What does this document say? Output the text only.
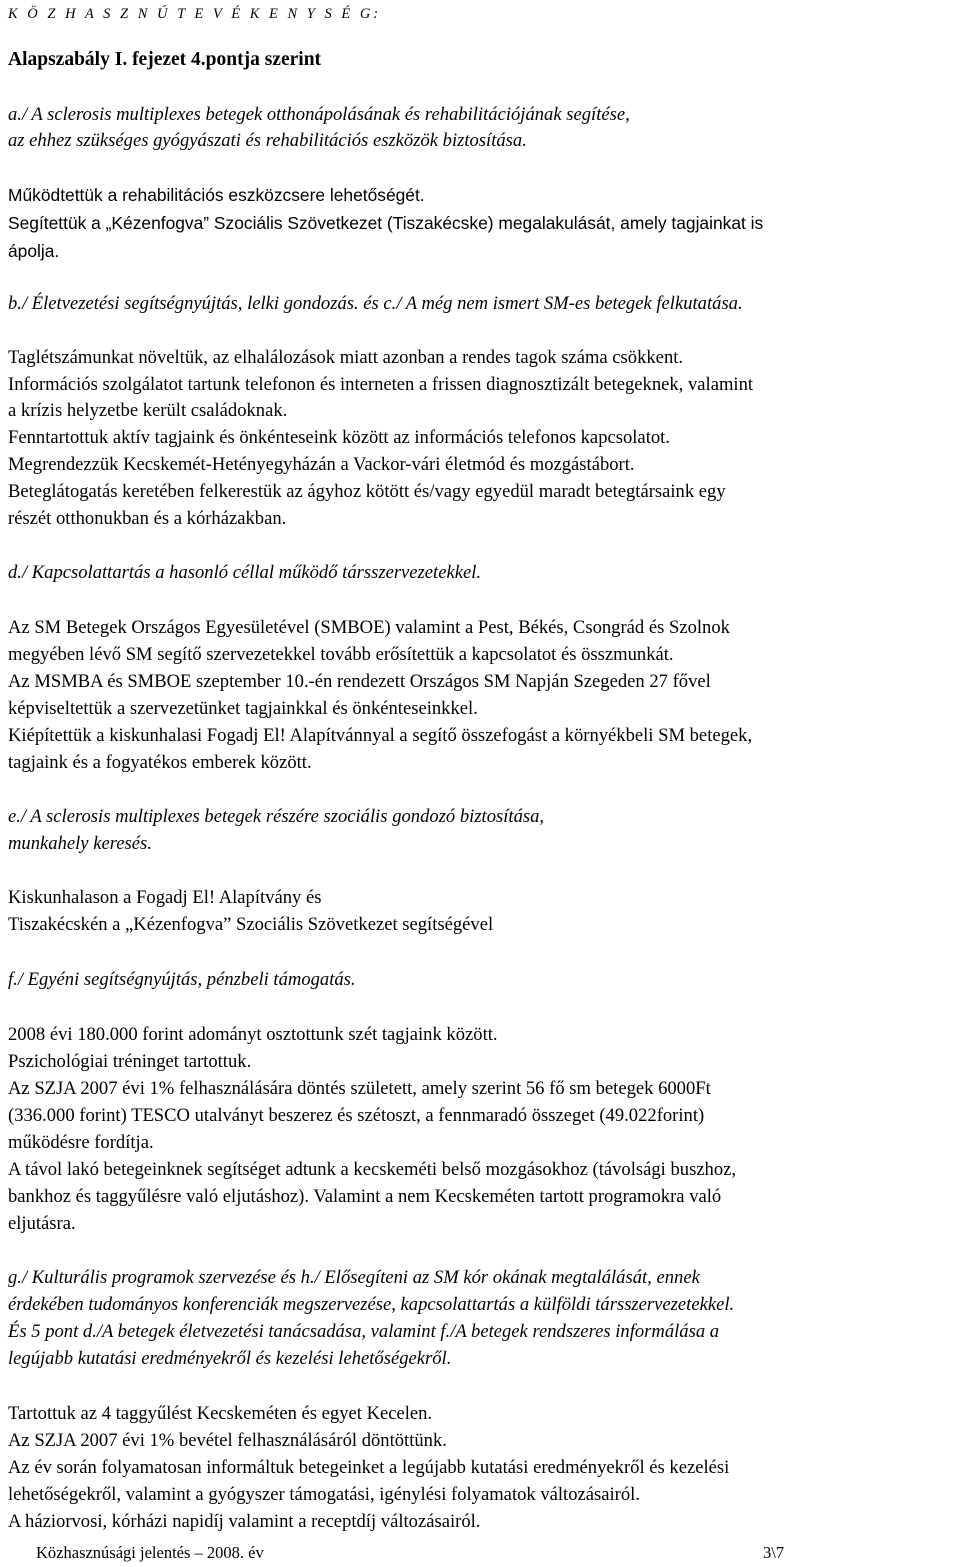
K Ö Z H A S Z N Ú T E V É K E N Y S É G:
Alapszabály I. fejezet 4.pontja szerint
a./ A sclerosis multiplexes betegek otthonápolásának és rehabilitációjának segítése,
az ehhez szükséges gyógyászati és rehabilitációs eszközök biztosítása.
Működtettük a rehabilitációs eszközcsere lehetőségét.
Segítettük a „Kézenfogva” Szociális Szövetkezet (Tiszakécske) megalakulását, amely tagjainkat is
ápolja.
b./ Életvezetési segítségnyújtás, lelki gondozás. és c./ A még nem ismert SM-es betegek felkutatása.
Taglétszámunkat növeltük, az elhalálozások miatt azonban a rendes tagok száma csökkent.
Információs szolgálatot tartunk telefonon és interneten a frissen diagnosztizált betegeknek, valamint
a krízis helyzetbe került családoknak.
Fenntartottuk aktív tagjaink és önkénteseink között az információs telefonos kapcsolatot.
Megrendezzük Kecskemét-Hetényegyházán a Vackor-vári életmód és mozgástábort.
Beteglátogatás keretében felkerestük az ágyhoz kötött és/vagy egyedül maradt betegtársaink egy
részét otthonukban és a kórházakban.
d./ Kapcsolattartás a hasonló céllal működő társszervezetekkel.
Az SM Betegek Országos Egyesületével (SMBOE) valamint a Pest, Békés, Csongrád és Szolnok
megyében lévő SM segítő szervezetekkel tovább erősítettük a kapcsolatot és összmunkát.
Az MSMBA és SMBOE szeptember 10.-én rendezett Országos SM Napján Szegeden 27 fővel
képviseltettük a szervezetünket tagjainkkal és önkénteseinkkel.
Kiépítettük a kiskunhalasi Fogadj El! Alapítvánnyal a segítő összefogást a környékbeli SM betegek,
tagjaink és a fogyatékos emberek között.
e./ A sclerosis multiplexes betegek részére szociális gondozó biztosítása,
munkahely keresés.
Kiskunhalason a Fogadj El! Alapítvány és
Tiszakécskén a „Kézenfogva” Szociális Szövetkezet segítségével
f./ Egyéni segítségnyújtás, pénzbeli támogatás.
2008 évi 180.000 forint adományt osztottunk szét tagjaink között.
Pszichológiai tréninget tartottuk.
Az SZJA 2007 évi 1% felhasználására döntés született, amely szerint 56 fő sm betegek 6000Ft
(336.000 forint) TESCO utalványt beszerez és szétoszt, a fennmaradó összeget (49.022forint)
működésre fordítja.
A távol lakó betegeinknek segítséget adtunk a kecskeméti belső mozgásokhoz (távolsági buszhoz,
bankhoz és taggyűlésre való eljutáshoz). Valamint a nem Kecskeméten tartott programokra való
eljutásra.
g./ Kulturális programok szervezése és h./ Elősegíteni az SM kór okának megtalálását, ennek
érdekében tudományos konferenciák megszervezése, kapcsolattartás a külföldi társszervezetekkel.
És 5 pont d./A betegek életvezetési tanácsadása, valamint f./A betegek rendszeres informálása a
legújabb kutatási eredményekről és kezelési lehetőségekről.
Tartottuk az 4 taggyűlést Kecskeméten és egyet Kecelen.
Az SZJA 2007 évi 1% bevétel felhasználásáról döntöttünk.
Az év során folyamatosan informáltuk betegeinket a legújabb kutatási eredményekről és kezelési
lehetőségekről, valamint a gyógyszer támogatási, igénylési folyamatok változásairól.
A háziorvosi, kórházi napidíj valamint a receptdíj változásairól.
Közhasznúsági jelentés – 2008. év	3\7
